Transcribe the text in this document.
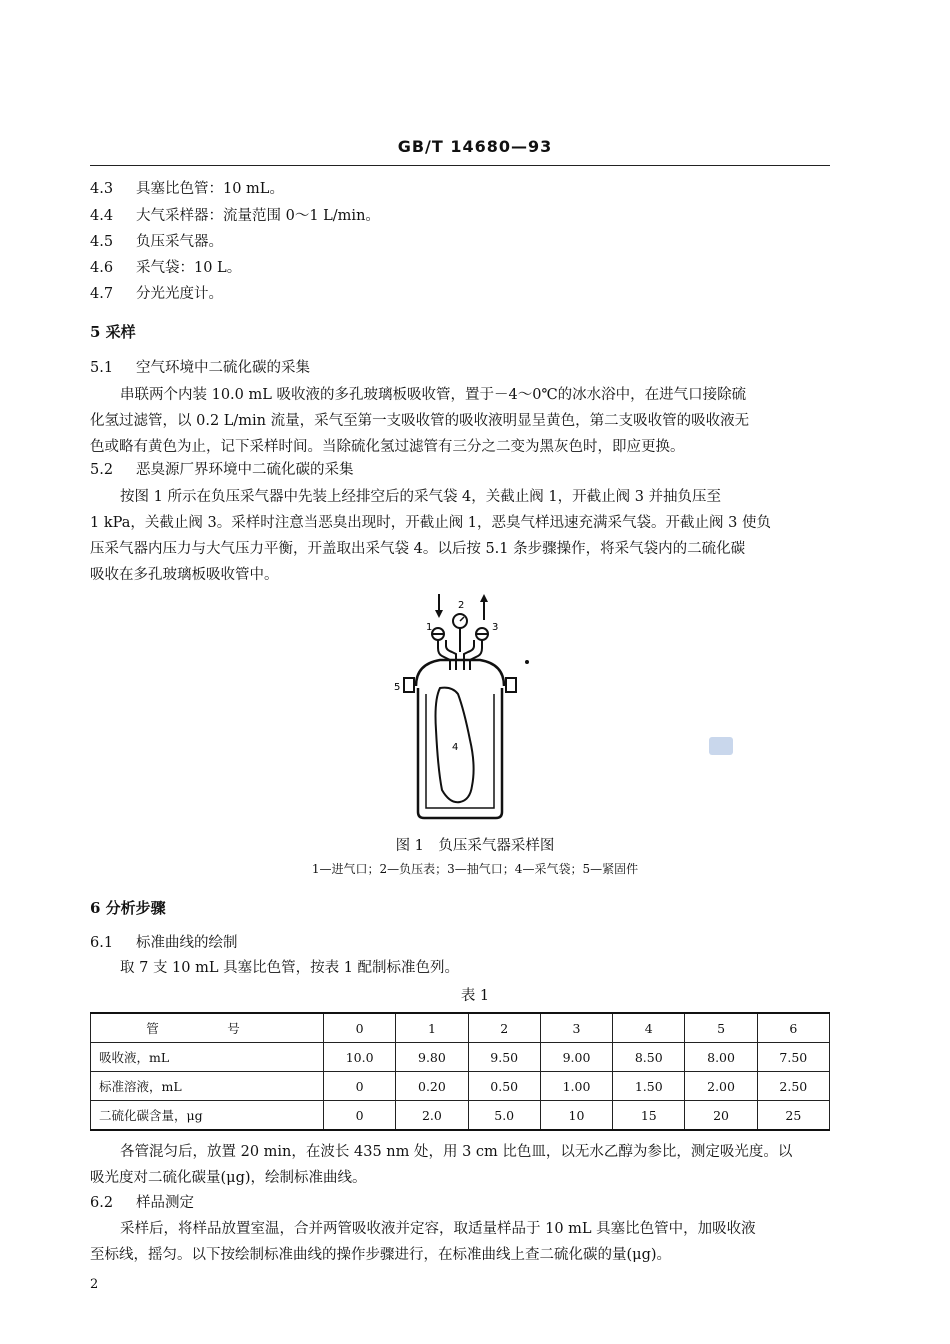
GB/T 14680—93
4.3 具塞比色管：10 mL。
4.4 大气采样器：流量范围 0～1 L/min。
4.5 负压采气器。
4.6 采气袋：10 L。
4.7 分光光度计。
5 采样
5.1 空气环境中二硫化碳的采集
串联两个内装 10.0 mL 吸收液的多孔玻璃板吸收管，置于－4～0℃的冰水浴中，在进气口接除硫
化氢过滤管，以 0.2 L/min 流量，采气至第一支吸收管的吸收液明显呈黄色，第二支吸收管的吸收液无
色或略有黄色为止，记下采样时间。当除硫化氢过滤管有三分之二变为黑灰色时，即应更换。
5.2 恶臭源厂界环境中二硫化碳的采集
按图 1 所示在负压采气器中先装上经排空后的采气袋 4，关截止阀 1，开截止阀 3 并抽负压至
1 kPa，关截止阀 3。采样时注意当恶臭出现时，开截止阀 1，恶臭气样迅速充满采气袋。开截止阀 3 使负
压采气器内压力与大气压力平衡，开盖取出采气袋 4。以后按 5.1 条步骤操作，将采气袋内的二硫化碳
吸收在多孔玻璃板吸收管中。
1
2
3
4
5
图 1　负压采气器采样图
1—进气口；2—负压表；3—抽气口；4—采气袋；5—紧固件
6 分析步骤
6.1 标准曲线的绘制
取 7 支 10 mL 具塞比色管，按表 1 配制标准色列。
表 1
管　号	0	1	2	3	4	5	6
吸收液，mL	10.0	9.80	9.50	9.00	8.50	8.00	7.50
标准溶液，mL	0	0.20	0.50	1.00	1.50	2.00	2.50
二硫化碳含量，μg	0	2.0	5.0	10	15	20	25
各管混匀后，放置 20 min，在波长 435 nm 处，用 3 cm 比色皿，以无水乙醇为参比，测定吸光度。以
吸光度对二硫化碳量(μg)，绘制标准曲线。
6.2 样品测定
采样后，将样品放置室温，合并两管吸收液并定容，取适量样品于 10 mL 具塞比色管中，加吸收液
至标线，摇匀。以下按绘制标准曲线的操作步骤进行，在标准曲线上查二硫化碳的量(μg)。
2
